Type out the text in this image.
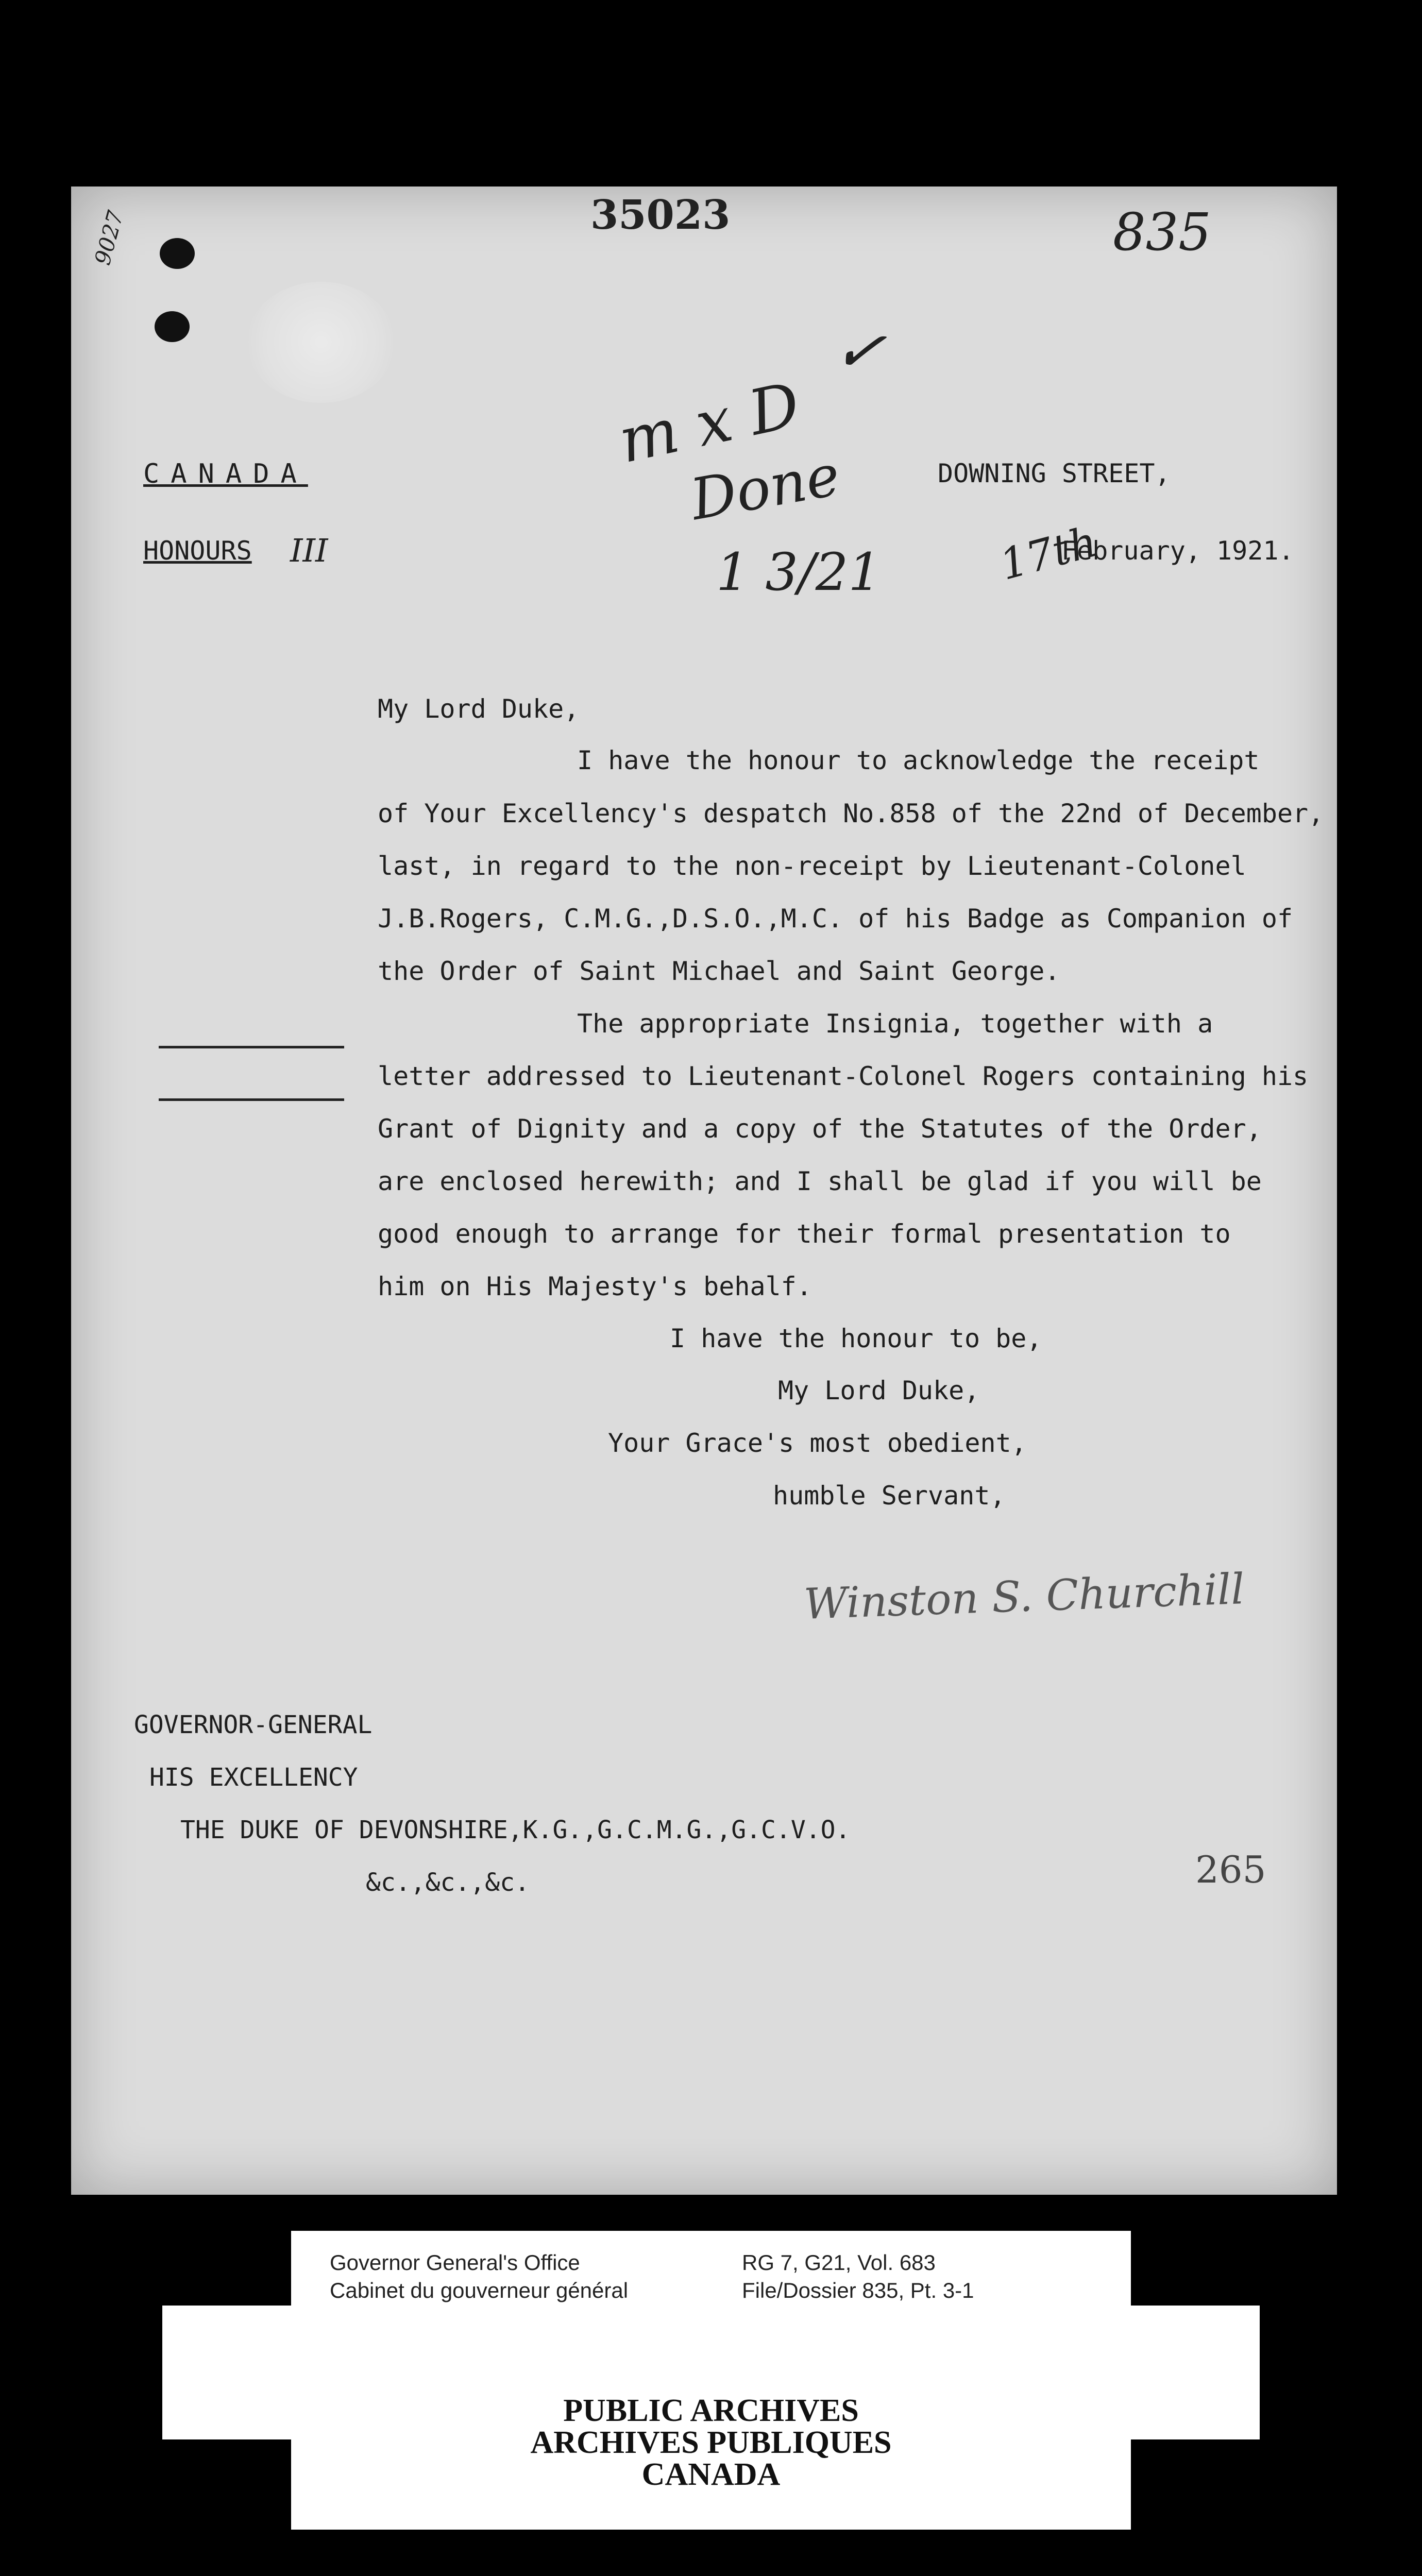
9027	35023	835
m x D
✓
Done
1 3/21
CANADA
HONOURS III
DOWNING STREET,
17th
February, 1921.
My Lord Duke,
I have the honour to acknowledge the receipt
of Your Excellency's despatch No.858 of the 22nd of December,
last, in regard to the non-receipt by Lieutenant-Colonel
J.B.Rogers, C.M.G.,D.S.O.,M.C. of his Badge as Companion of
the Order of Saint Michael and Saint George.
The appropriate Insignia, together with a
letter addressed to Lieutenant-Colonel Rogers containing his
Grant of Dignity and a copy of the Statutes of the Order,
are enclosed herewith; and I shall be glad if you will be
good enough to arrange for their formal presentation to
him on His Majesty's behalf.
I have the honour to be,
My Lord Duke,
Your Grace's most obedient,
humble Servant,
Winston S. Churchill
GOVERNOR-GENERAL
HIS EXCELLENCY
THE DUKE OF DEVONSHIRE,K.G.,G.C.M.G.,G.C.V.O.
&c.,&c.,&c.	265
Governor General's Office
Cabinet du gouverneur général
RG 7, G21, Vol. 683
File/Dossier 835, Pt. 3-1
PUBLIC ARCHIVES
ARCHIVES PUBLIQUES
CANADA
